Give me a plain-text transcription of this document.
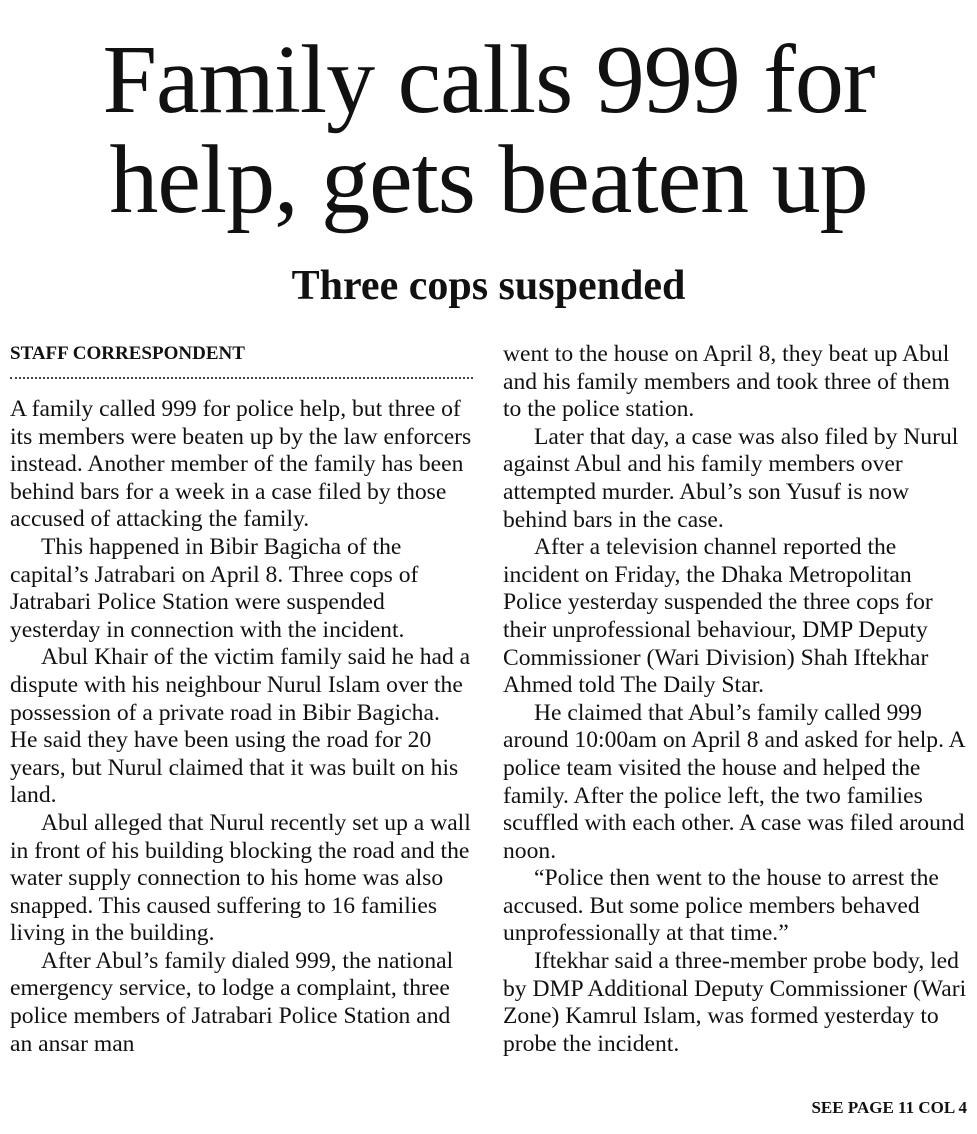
Family calls 999 for
help, gets beaten up
Three cops suspended
STAFF CORRESPONDENT

A family called 999 for police help, but three of its members were beaten up by the law enforcers instead. Another member of the family has been behind bars for a week in a case filed by those accused of attacking the family.

This happened in Bibir Bagicha of the capital’s Jatrabari on April 8. Three cops of Jatrabari Police Station were suspended yesterday in connection with the incident.

Abul Khair of the victim family said he had a dispute with his neighbour Nurul Islam over the possession of a private road in Bibir Bagicha. He said they have been using the road for 20 years, but Nurul claimed that it was built on his land.

Abul alleged that Nurul recently set up a wall in front of his building blocking the road and the water supply connection to his home was also snapped. This caused suffering to 16 families living in the building.

After Abul’s family dialed 999, the national emergency service, to lodge a complaint, three police members of Jatrabari Police Station and an ansar man

went to the house on April 8, they beat up Abul and his family members and took three of them to the police station.

Later that day, a case was also filed by Nurul against Abul and his family members over attempted murder. Abul’s son Yusuf is now behind bars in the case.

After a television channel reported the incident on Friday, the Dhaka Metropolitan Police yesterday suspended the three cops for their unprofessional behaviour, DMP Deputy Commissioner (Wari Division) Shah Iftekhar Ahmed told The Daily Star.

He claimed that Abul’s family called 999 around 10:00am on April 8 and asked for help. A police team visited the house and helped the family. After the police left, the two families scuffled with each other. A case was filed around noon.

“Police then went to the house to arrest the accused. But some police members behaved unprofessionally at that time.”

Iftekhar said a three-member probe body, led by DMP Additional Deputy Commissioner (Wari Zone) Kamrul Islam, was formed yesterday to probe the incident.

SEE PAGE 11 COL 4
